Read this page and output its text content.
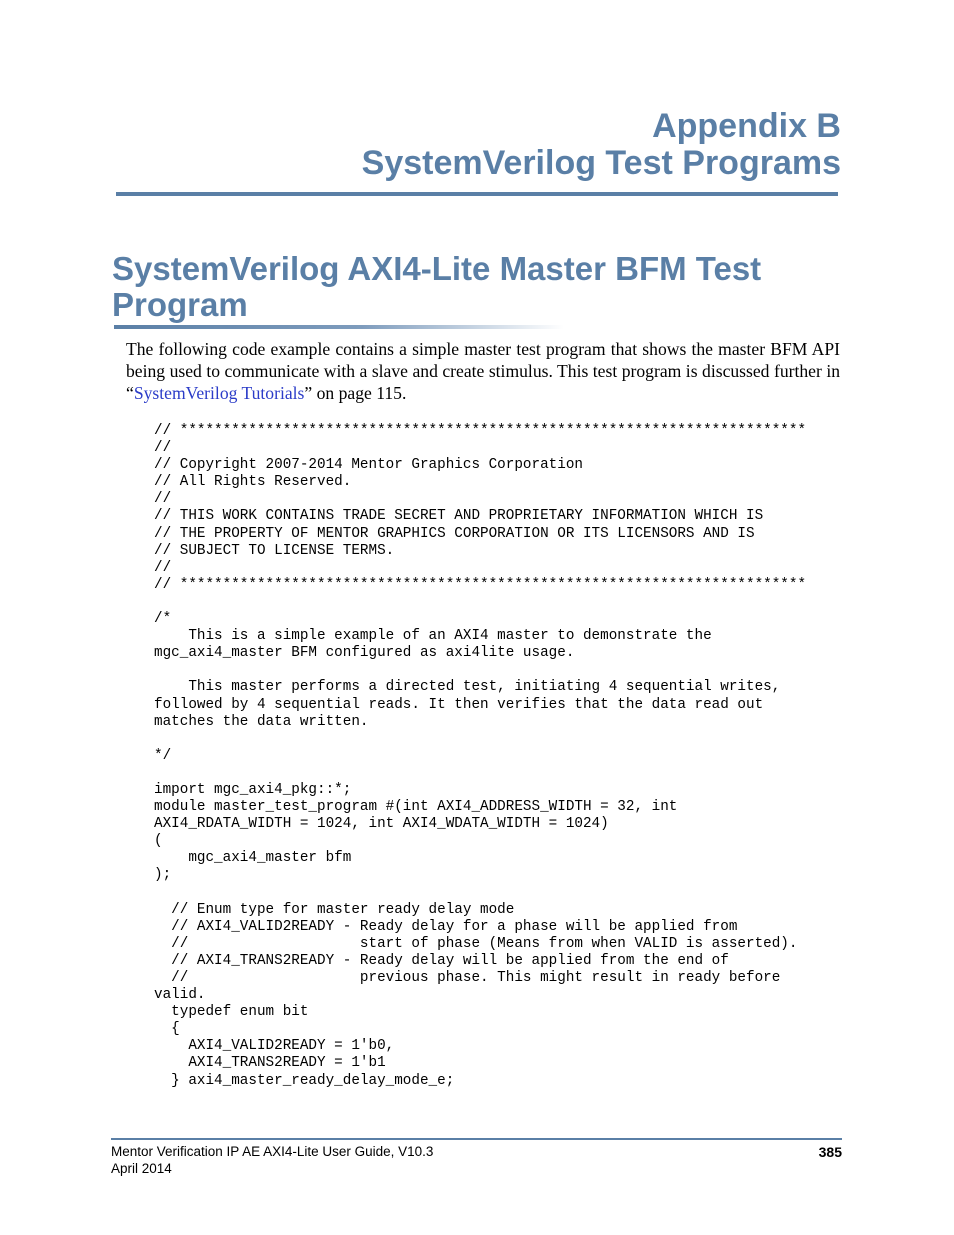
Appendix B
SystemVerilog Test Programs
SystemVerilog AXI4-Lite Master BFM Test Program

The following code example contains a simple master test program that shows the master BFM API being used to communicate with a slave and create stimulus. This test program is discussed further in “SystemVerilog Tutorials” on page 115.

// *************************************************************************
//
// Copyright 2007-2014 Mentor Graphics Corporation
// All Rights Reserved.
//
// THIS WORK CONTAINS TRADE SECRET AND PROPRIETARY INFORMATION WHICH IS
// THE PROPERTY OF MENTOR GRAPHICS CORPORATION OR ITS LICENSORS AND IS
// SUBJECT TO LICENSE TERMS.
//
// *************************************************************************

/*
This is a simple example of an AXI4 master to demonstrate the
mgc_axi4_master BFM configured as axi4lite usage.

This master performs a directed test, initiating 4 sequential writes,
followed by 4 sequential reads. It then verifies that the data read out
matches the data written.

*/

import mgc_axi4_pkg::*;
module master_test_program #(int AXI4_ADDRESS_WIDTH = 32, int
AXI4_RDATA_WIDTH = 1024, int AXI4_WDATA_WIDTH = 1024)
(
mgc_axi4_master bfm
);

// Enum type for master ready delay mode
// AXI4_VALID2READY - Ready delay for a phase will be applied from
//                    start of phase (Means from when VALID is asserted).
// AXI4_TRANS2READY - Ready delay will be applied from the end of
//                    previous phase. This might result in ready before
valid.
typedef enum bit
{
AXI4_VALID2READY = 1'b0,
AXI4_TRANS2READY = 1'b1
} axi4_master_ready_delay_mode_e;
Mentor Verification IP AE AXI4-Lite User Guide, V10.3
April 2014
385
